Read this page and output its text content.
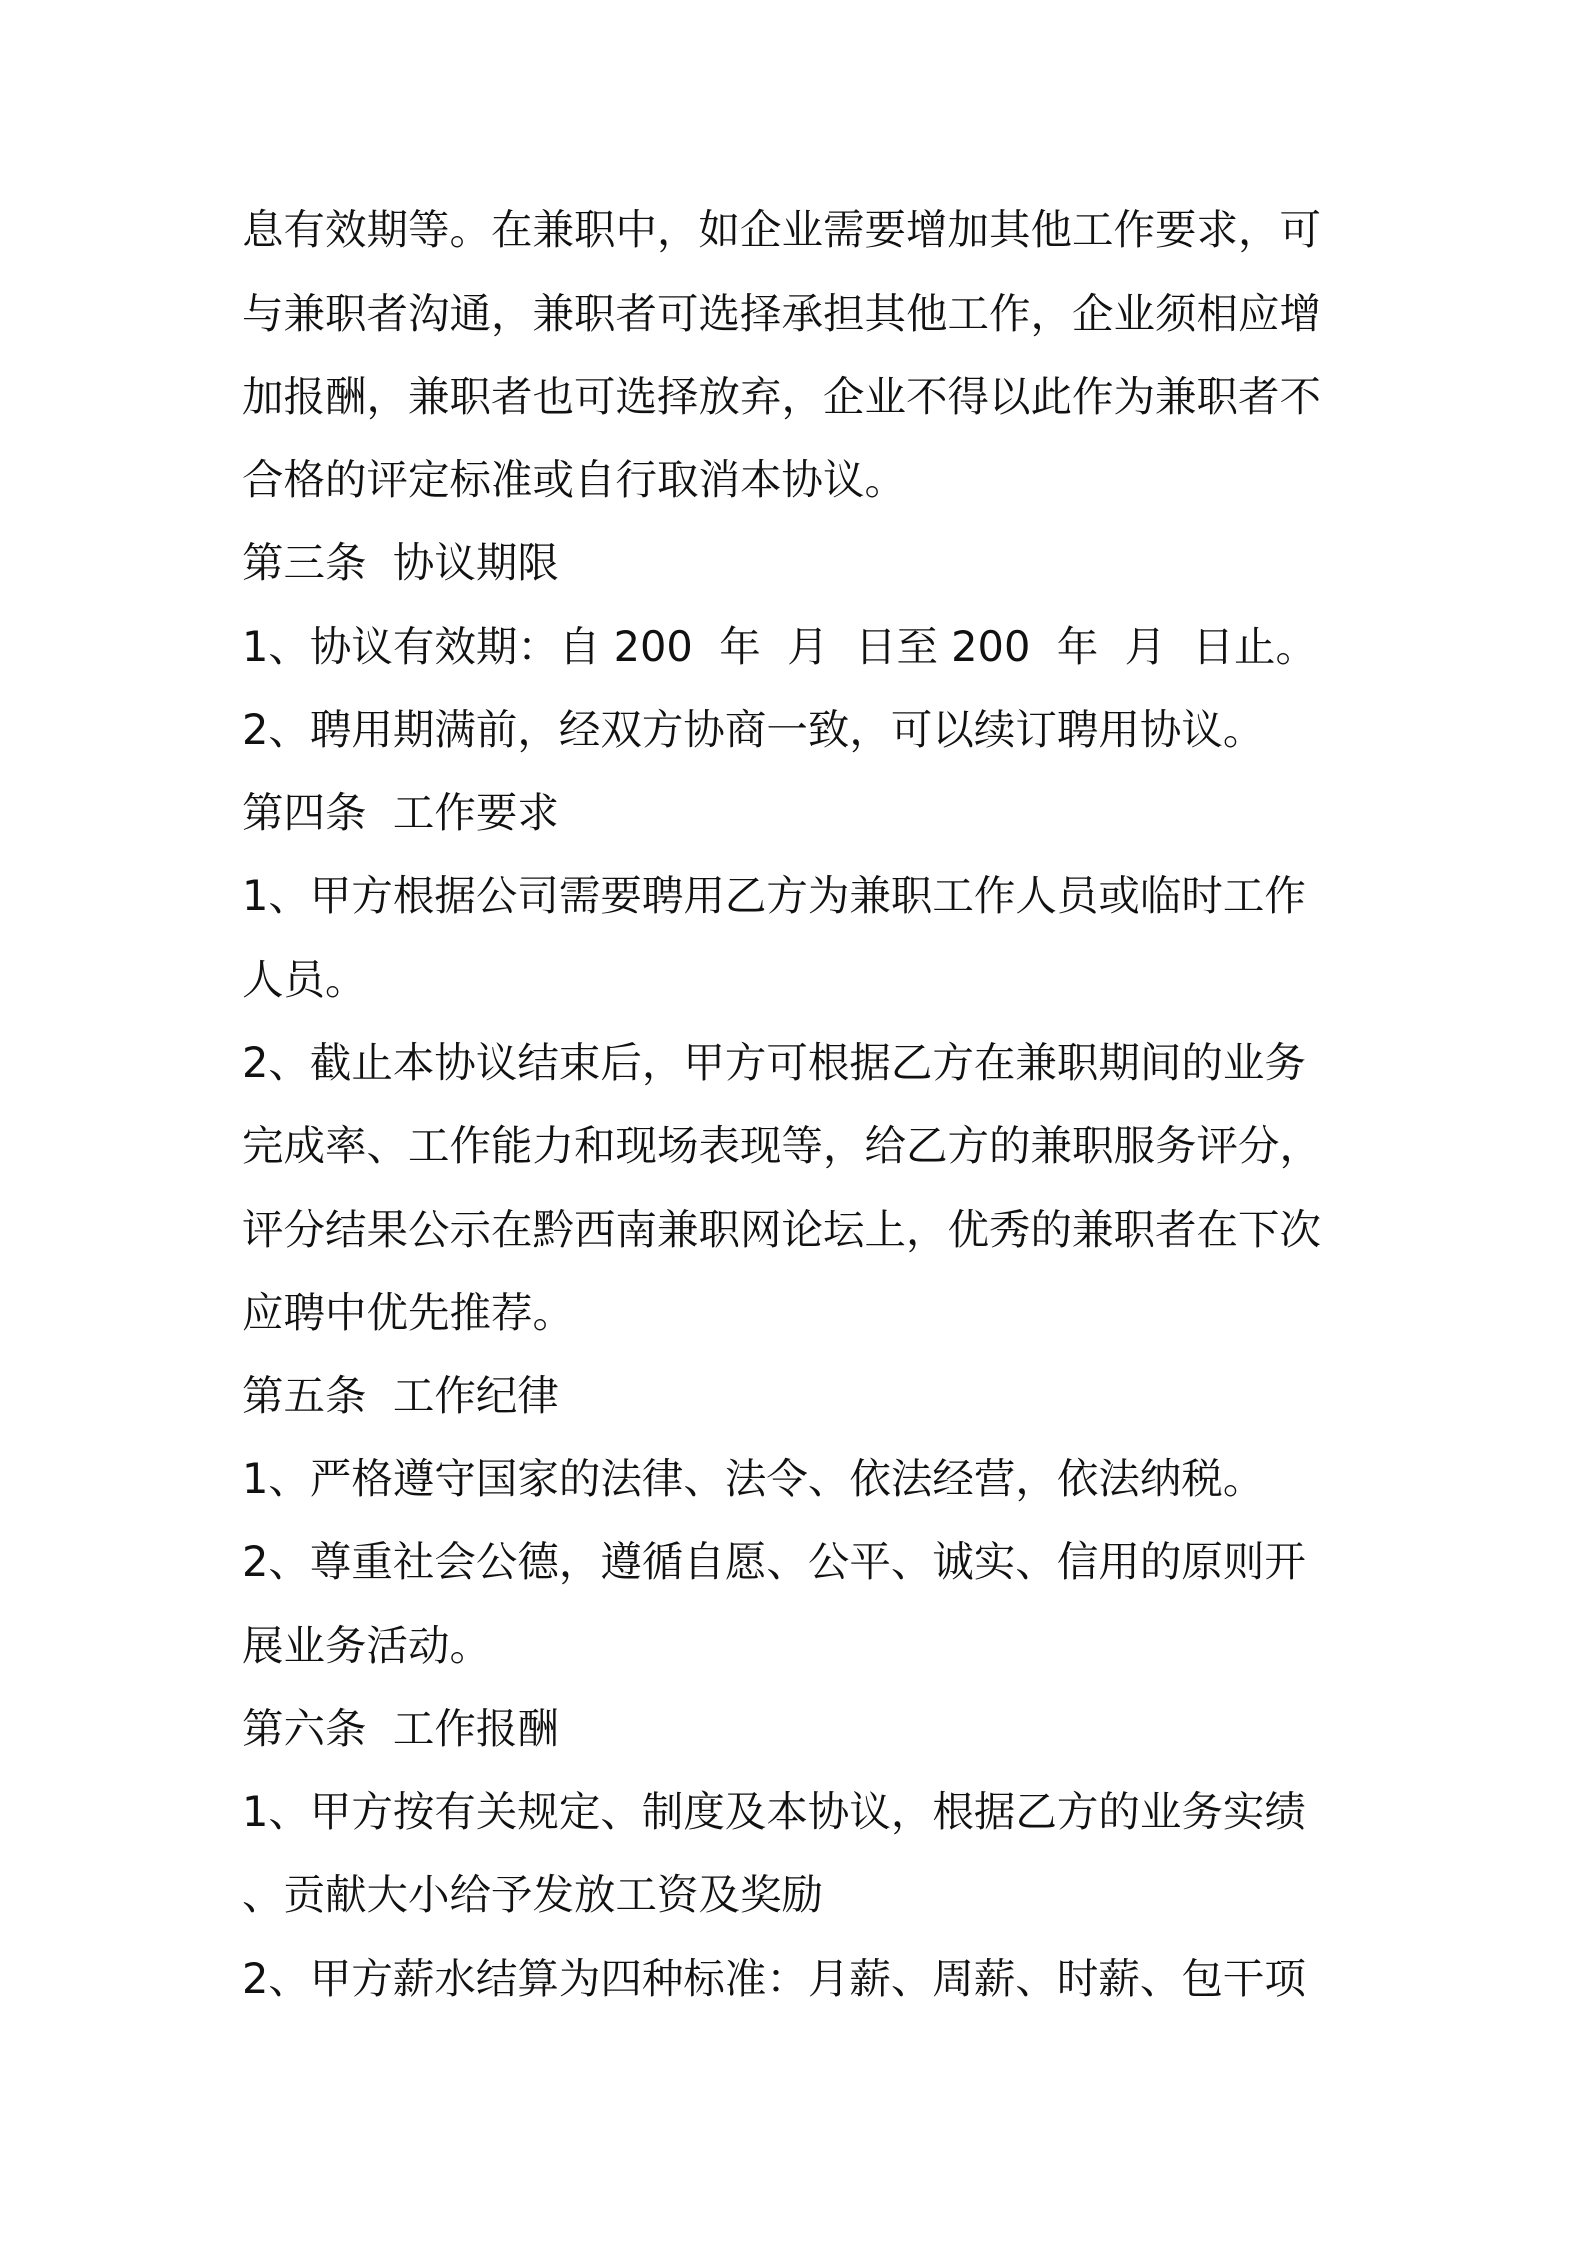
息有效期等。在兼职中，如企业需要增加其他工作要求，可
与兼职者沟通，兼职者可选择承担其他工作，企业须相应增
加报酬，兼职者也可选择放弃，企业不得以此作为兼职者不
合格的评定标准或自行取消本协议。
第三条  协议期限
1、协议有效期：自 200  年  月  日至 200  年  月  日止。
2、聘用期满前，经双方协商一致，可以续订聘用协议。
第四条  工作要求
1、甲方根据公司需要聘用乙方为兼职工作人员或临时工作
人员。
2、截止本协议结束后，甲方可根据乙方在兼职期间的业务
完成率、工作能力和现场表现等，给乙方的兼职服务评分，
评分结果公示在黔西南兼职网论坛上，优秀的兼职者在下次
应聘中优先推荐。
第五条  工作纪律
1、严格遵守国家的法律、法令、依法经营，依法纳税。
2、尊重社会公德，遵循自愿、公平、诚实、信用的原则开
展业务活动。
第六条  工作报酬
1、甲方按有关规定、制度及本协议，根据乙方的业务实绩
、贡献大小给予发放工资及奖励
2、甲方薪水结算为四种标准：月薪、周薪、时薪、包干项
